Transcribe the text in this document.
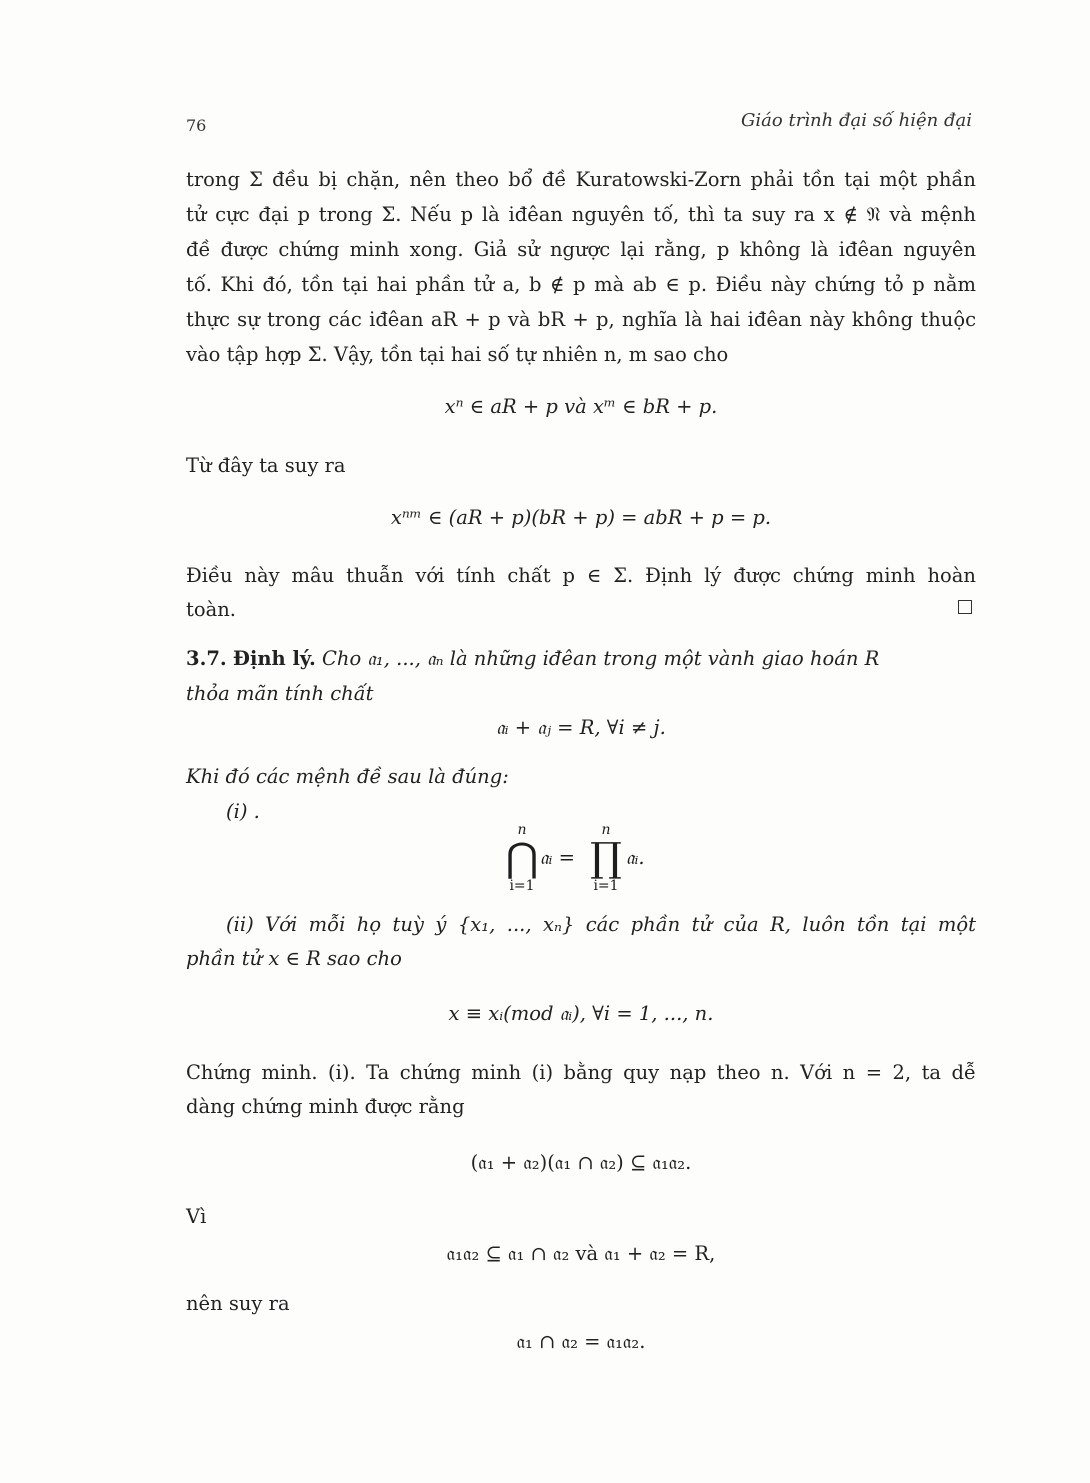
76	Giáo trình đại số hiện đại
trong Σ đều bị chặn, nên theo bổ đề Kuratowski-Zorn phải tồn tại một phần
tử cực đại p trong Σ. Nếu p là iđêan nguyên tố, thì ta suy ra x ∉ 𝔑 và mệnh
đề được chứng minh xong. Giả sử ngược lại rằng, p không là iđêan nguyên
tố. Khi đó, tồn tại hai phần tử a, b ∉ p mà ab ∈ p. Điều này chứng tỏ p nằm
thực sự trong các iđêan aR + p và bR + p, nghĩa là hai iđêan này không thuộc
vào tập hợp Σ. Vậy, tồn tại hai số tự nhiên n, m sao cho
xⁿ ∈ aR + p và xᵐ ∈ bR + p.
Từ đây ta suy ra
xⁿᵐ ∈ (aR + p)(bR + p) = abR + p = p.
Điều này mâu thuẫn với tính chất p ∈ Σ. Định lý được chứng minh hoàn
toàn.
3.7. Định lý. Cho 𝔞₁, ..., 𝔞ₙ là những iđêan trong một vành giao hoán R
thỏa mãn tính chất
𝔞ᵢ + 𝔞ⱼ = R, ∀i ≠ j.
Khi đó các mệnh đề sau là đúng:
(i) .
n
⋂
i=1
𝔞ᵢ =
n
∏
i=1
𝔞ᵢ.
(ii) Với mỗi họ tuỳ ý {x₁, ..., xₙ} các phần tử của R, luôn tồn tại một
phần tử x ∈ R sao cho
x ≡ xᵢ(mod 𝔞ᵢ), ∀i = 1, ..., n.
Chứng minh. (i). Ta chứng minh (i) bằng quy nạp theo n. Với n = 2, ta dễ
dàng chứng minh được rằng
(𝔞₁ + 𝔞₂)(𝔞₁ ∩ 𝔞₂) ⊆ 𝔞₁𝔞₂.
Vì
𝔞₁𝔞₂ ⊆ 𝔞₁ ∩ 𝔞₂ và 𝔞₁ + 𝔞₂ = R,
nên suy ra
𝔞₁ ∩ 𝔞₂ = 𝔞₁𝔞₂.
